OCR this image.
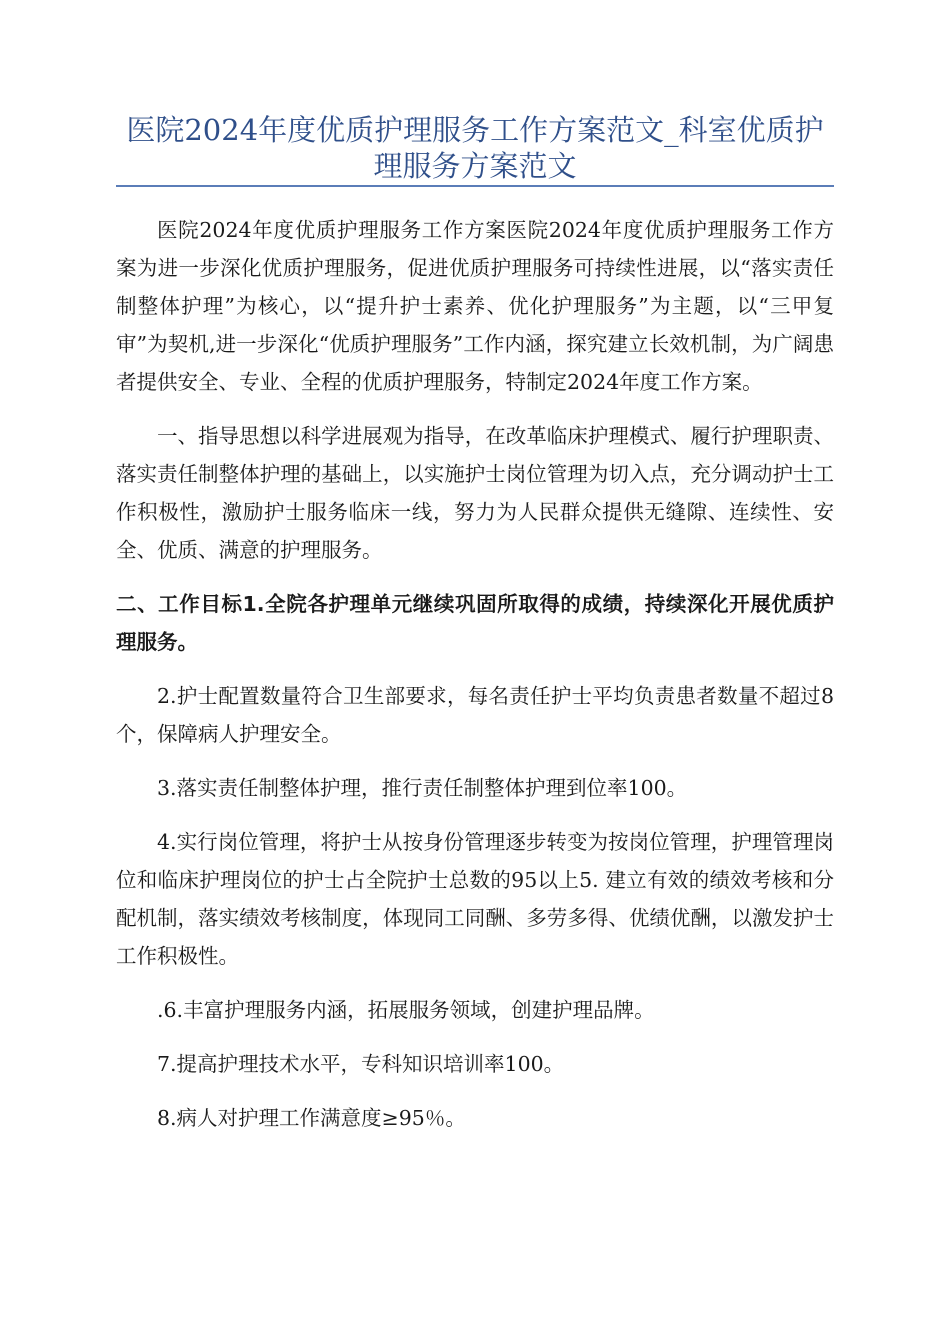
医院2024年度优质护理服务工作方案范文_科室优质护理服务方案范文

医院2024年度优质护理服务工作方案医院2024年度优质护理服务工作方案为进一步深化优质护理服务，促进优质护理服务可持续性进展，以“落实责任制整体护理”为核心，以“提升护士素养、优化护理服务”为主题，以“三甲复审”为契机,进一步深化“优质护理服务”工作内涵，探究建立长效机制，为广阔患者提供安全、专业、全程的优质护理服务，特制定2024年度工作方案。

一、指导思想以科学进展观为指导，在改革临床护理模式、履行护理职责、落实责任制整体护理的基础上，以实施护士岗位管理为切入点，充分调动护士工作积极性，激励护士服务临床一线，努力为人民群众提供无缝隙、连续性、安全、优质、满意的护理服务。

二、工作目标1.全院各护理单元继续巩固所取得的成绩，持续深化开展优质护理服务。

2.护士配置数量符合卫生部要求，每名责任护士平均负责患者数量不超过8个，保障病人护理安全。

3.落实责任制整体护理，推行责任制整体护理到位率100。

4.实行岗位管理，将护士从按身份管理逐步转变为按岗位管理，护理管理岗位和临床护理岗位的护士占全院护士总数的95以上5. 建立有效的绩效考核和分配机制，落实绩效考核制度，体现同工同酬、多劳多得、优绩优酬，以激发护士工作积极性。

.6.丰富护理服务内涵，拓展服务领域，创建护理品牌。

7.提高护理技术水平，专科知识培训率100。

8.病人对护理工作满意度≥95％。
